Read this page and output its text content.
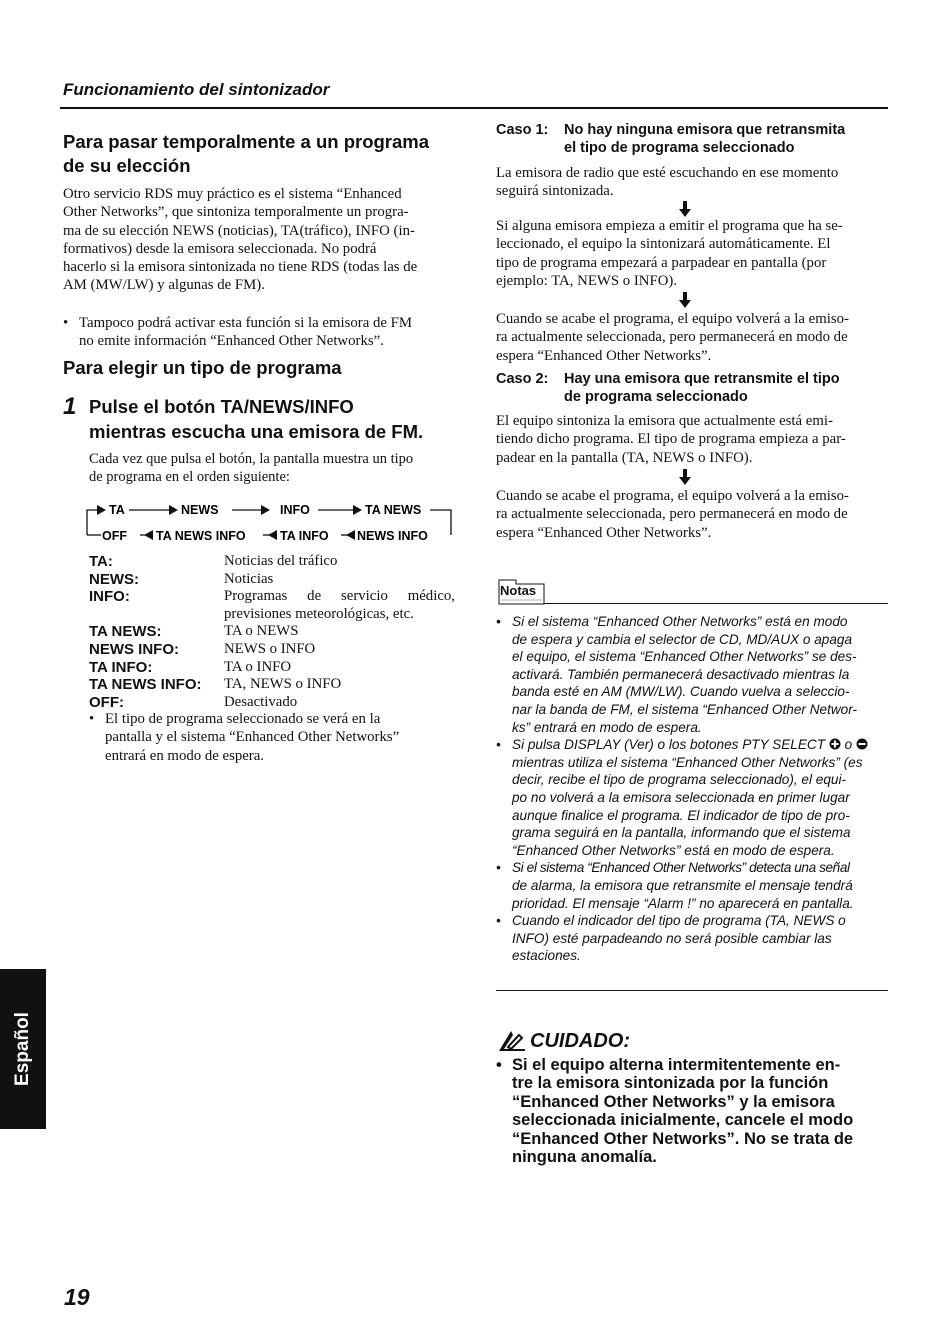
Funcionamiento del sintonizador
Para pasar temporalmente a un programa
de su elección
Otro servicio RDS muy práctico es el sistema “Enhanced
Other Networks”, que sintoniza temporalmente un progra-
ma de su elección NEWS (noticias), TA(tráfico), INFO (in-
formativos) desde la emisora seleccionada. No podrá
hacerlo si la emisora sintonizada no tiene RDS (todas las de
AM (MW/LW) y algunas de FM).
• Tampoco podrá activar esta función si la emisora de FM
no emite información “Enhanced Other Networks”.
Para elegir un tipo de programa
1 Pulse el botón TA/NEWS/INFO
mientras escucha una emisora de FM.
Cada vez que pulsa el botón, la pantalla muestra un tipo
de programa en el orden siguiente:
TA	NEWS	INFO	TA NEWS
OFF TA NEWS INFO	TA INFO NEWS INFO
TA:	Noticias del tráfico
NEWS:	Noticias
INFO:	Programas de servicio médico,
previsiones meteorológicas, etc.
TA NEWS:	TA o NEWS
NEWS INFO:	NEWS o INFO
TA INFO:	TA o INFO
TA NEWS INFO:	TA, NEWS o INFO
OFF:	Desactivado
• El tipo de programa seleccionado se verá en la
pantalla y el sistema “Enhanced Other Networks”
entrará en modo de espera.
Caso 1:	No hay ninguna emisora que retransmita
el tipo de programa seleccionado
La emisora de radio que esté escuchando en ese momento
seguirá sintonizada.
Si alguna emisora empieza a emitir el programa que ha se-
leccionado, el equipo la sintonizará automáticamente. El
tipo de programa empezará a parpadear en pantalla (por
ejemplo: TA, NEWS o INFO).
Cuando se acabe el programa, el equipo volverá a la emiso-
ra actualmente seleccionada, pero permanecerá en modo de
espera “Enhanced Other Networks”.
Caso 2:	Hay una emisora que retransmite el tipo
de programa seleccionado
El equipo sintoniza la emisora que actualmente está emi-
tiendo dicho programa. El tipo de programa empieza a par-
padear en la pantalla (TA, NEWS o INFO).
Cuando se acabe el programa, el equipo volverá a la emiso-
ra actualmente seleccionada, pero permanecerá en modo de
espera “Enhanced Other Networks”.
Notas
• Si el sistema “Enhanced Other Networks” está en modo
de espera y cambia el selector de CD, MD/AUX o apaga
el equipo, el sistema “Enhanced Other Networks” se des-
activará. También permanecerá desactivado mientras la
banda esté en AM (MW/LW). Cuando vuelva a seleccio-
nar la banda de FM, el sistema “Enhanced Other Networ-
ks” entrará en modo de espera.
• Si pulsa DISPLAY (Ver) o los botones PTY SELECT o
mientras utiliza el sistema “Enhanced Other Networks” (es
decir, recibe el tipo de programa seleccionado), el equi-
po no volverá a la emisora seleccionada en primer lugar
aunque finalice el programa. El indicador de tipo de pro-
grama seguirá en la pantalla, informando que el sistema
“Enhanced Other Networks” está en modo de espera.
• Si el sistema “Enhanced Other Networks” detecta una señal
de alarma, la emisora que retransmite el mensaje tendrá
prioridad. El mensaje “Alarm !” no aparecerá en pantalla.
• Cuando el indicador del tipo de programa (TA, NEWS o
INFO) esté parpadeando no será posible cambiar las
estaciones.
CUIDADO:
• Si el equipo alterna intermitentemente en-
tre la emisora sintonizada por la función
“Enhanced Other Networks” y la emisora
seleccionada inicialmente, cancele el modo
“Enhanced Other Networks”. No se trata de
ninguna anomalía.
Español
19
